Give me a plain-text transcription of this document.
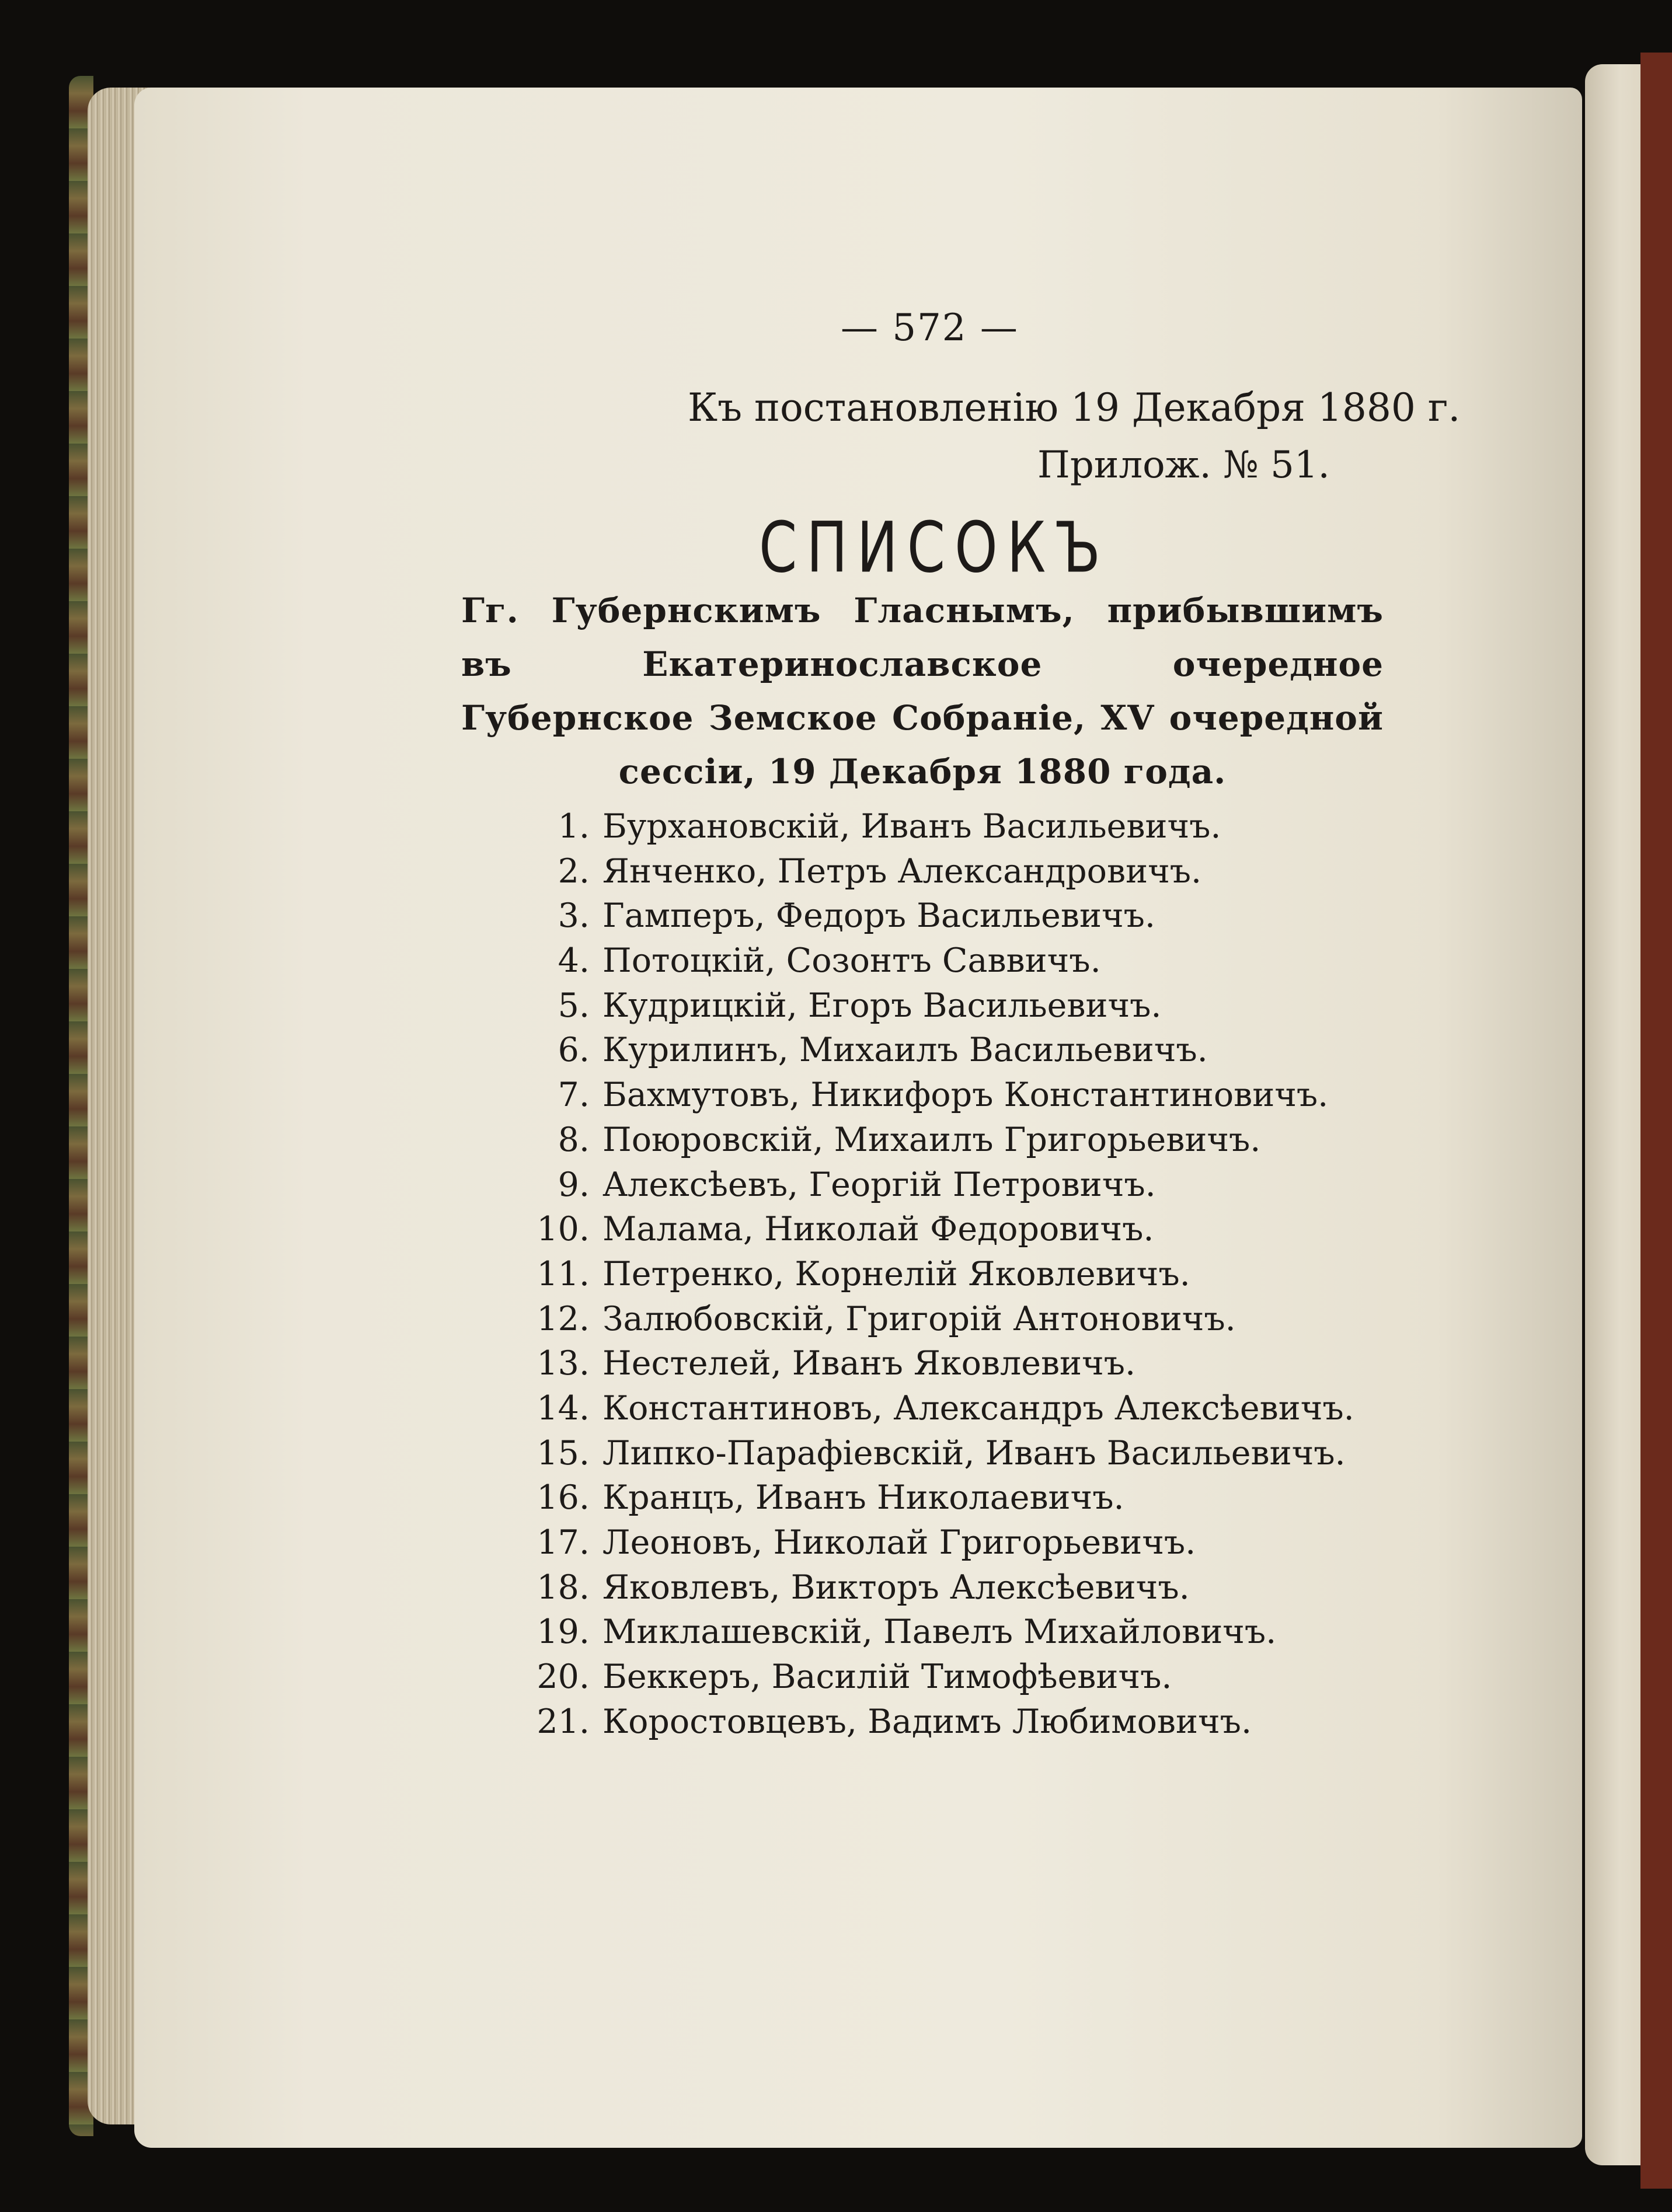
— 572 —
Къ постановленію 19 Декабря 1880 г.
Прилож. № 51.
СПИСОКЪ
Гг. Губернскимъ Гласнымъ, прибывшимъ въ Екатеринославское очередное Губернское Земское Собраніе, XV очередной сессіи, 19 Декабря 1880 года.
1. Бурхановскій, Иванъ Васильевичъ.
2. Янченко, Петръ Александровичъ.
3. Гамперъ, Федоръ Васильевичъ.
4. Потоцкій, Созонтъ Саввичъ.
5. Кудрицкій, Егоръ Васильевичъ.
6. Курилинъ, Михаилъ Васильевичъ.
7. Бахмутовъ, Никифоръ Константиновичъ.
8. Поюровскій, Михаилъ Григорьевичъ.
9. Алексѣевъ, Георгій Петровичъ.
10. Малама, Николай Федоровичъ.
11. Петренко, Корнелій Яковлевичъ.
12. Залюбовскій, Григорій Антоновичъ.
13. Нестелей, Иванъ Яковлевичъ.
14. Константиновъ, Александръ Алексѣевичъ.
15. Липко-Парафіевскій, Иванъ Васильевичъ.
16. Кранцъ, Иванъ Николаевичъ.
17. Леоновъ, Николай Григорьевичъ.
18. Яковлевъ, Викторъ Алексѣевичъ.
19. Миклашевскій, Павелъ Михайловичъ.
20. Беккеръ, Василій Тимофѣевичъ.
21. Коростовцевъ, Вадимъ Любимовичъ.
